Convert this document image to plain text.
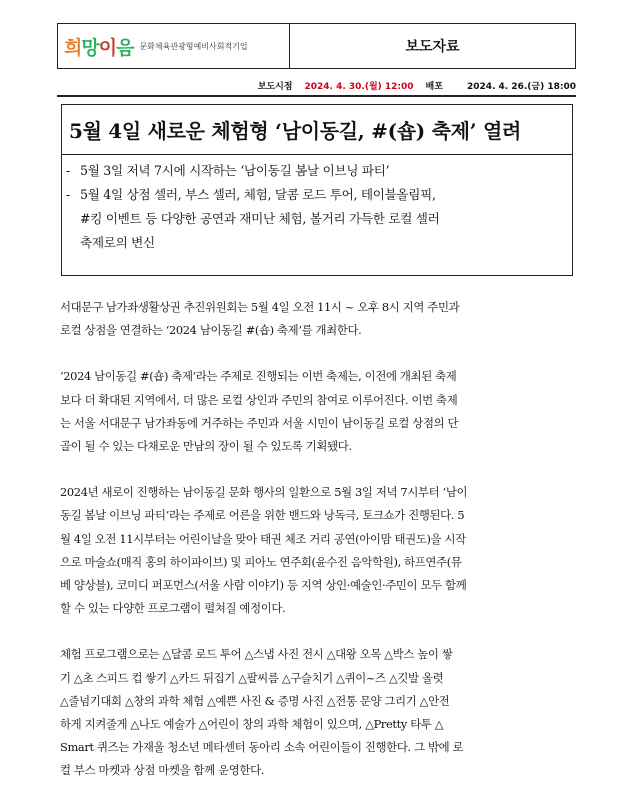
희망이음 문화체육관광형예비사회적기업	보도자료
보도시점 2024. 4. 30.(월) 12:00 배포	2024. 4. 26.(금) 18:00
5월 4일 새로운 체험형 ‘남이동길, #(숍) 축제’ 열려
- 5월 3일 저녁 7시에 시작하는 ‘남이동길 봄날 이브닝 파티’
- 5월 4일 상점 셀러, 부스 셀러, 체험, 달콤 로드 투어, 테이블올림픽,
#킹 이벤트 등 다양한 공연과 재미난 체험, 볼거리 가득한 로컬 셀러
축제로의 변신

서대문구 남가좌생활상권 추진위원회는 5월 4일 오전 11시 ~ 오후 8시 지역 주민과
로컬 상점을 연결하는 ‘2024 남이동길 #(숍) 축제’를 개최한다.

‘2024 남이동길 #(숍) 축제’라는 주제로 진행되는 이번 축제는, 이전에 개최된 축제
보다 더 확대된 지역에서, 더 많은 로컬 상인과 주민의 참여로 이루어진다. 이번 축제
는 서울 서대문구 남가좌동에 거주하는 주민과 서울 시민이 남이동길 로컬 상점의 단
골이 될 수 있는 다채로운 만남의 장이 될 수 있도록 기획됐다.

2024년 새로이 진행하는 남이동길 문화 행사의 일환으로 5월 3일 저녁 7시부터 ‘남이
동길 봄날 이브닝 파티’라는 주제로 어른을 위한 밴드와 낭독극, 토크쇼가 진행된다. 5
월 4일 오전 11시부터는 어린이날을 맞아 태권 체조 거리 공연(아이맘 태권도)을 시작
으로 마술쇼(매직 홍의 하이파이브) 및 피아노 연주회(윤수진 음악학원), 하프연주(뮤
베 양상블), 코미디 퍼포먼스(서울 사람 이야기) 등 지역 상인·예술인·주민이 모두 함께
할 수 있는 다양한 프로그램이 펼쳐질 예정이다.

체험 프로그램으로는 △달콤 로드 투어 △스냅 사진 전시 △대왕 오목 △박스 높이 쌓
기 △초 스피드 컵 쌓기 △카드 뒤집기 △팔씨름 △구슬치기 △퀴이~즈 △깃발 올렷
△줄넘기대회 △창의 과학 체험 △예쁜 사진 & 증명 사진 △전통 문양 그리기 △안전
하게 지켜줄게 △나도 예술가 △어린이 창의 과학 체험이 있으며, △Pretty 타투 △
Smart 퀴즈는 가재울 청소년 메타센터 동아리 소속 어린이들이 진행한다. 그 밖에 로
컬 부스 마켓과 상점 마켓을 함께 운영한다.
